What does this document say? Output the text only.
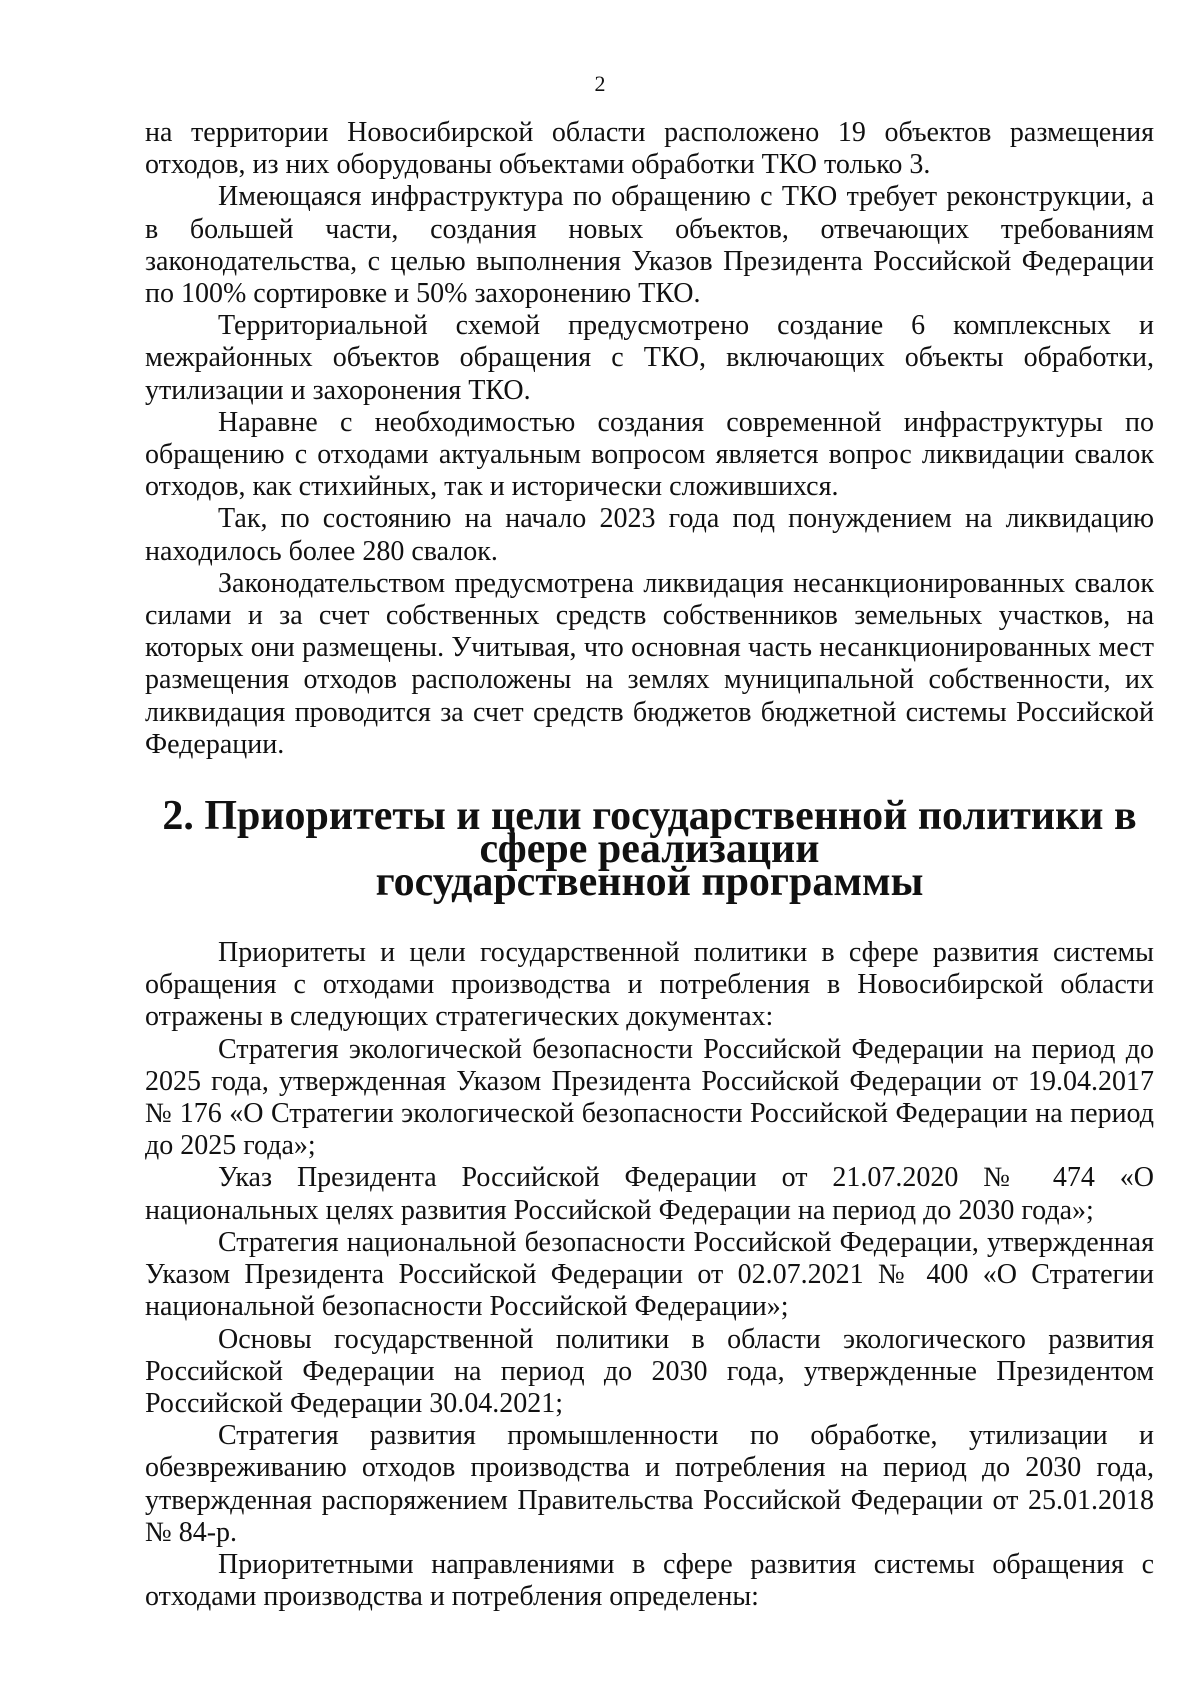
2

на территории Новосибирской области расположено 19 объектов размещения отходов, из них оборудованы объектами обработки ТКО только 3.

Имеющаяся инфраструктура по обращению с ТКО требует реконструкции, а в большей части, создания новых объектов, отвечающих требованиям законодательства, с целью выполнения Указов Президента Российской Федерации по 100% сортировке и 50% захоронению ТКО.

Территориальной схемой предусмотрено создание 6 комплексных и межрайонных объектов обращения с ТКО, включающих объекты обработки, утилизации и захоронения ТКО.

Наравне с необходимостью создания современной инфраструктуры по обращению с отходами актуальным вопросом является вопрос ликвидации свалок отходов, как стихийных, так и исторически сложившихся.

Так, по состоянию на начало 2023 года под понуждением на ликвидацию находилось более 280 свалок.

Законодательством предусмотрена ликвидация несанкционированных свалок силами и за счет собственных средств собственников земельных участков, на которых они размещены. Учитывая, что основная часть несанкционированных мест размещения отходов расположены на землях муниципальной собственности, их ликвидация проводится за счет средств бюджетов бюджетной системы Российской Федерации.

2. Приоритеты и цели государственной политики в сфере реализации
государственной программы

Приоритеты и цели государственной политики в сфере развития системы обращения с отходами производства и потребления в Новосибирской области отражены в следующих стратегических документах:

Стратегия экологической безопасности Российской Федерации на период до 2025 года, утвержденная Указом Президента Российской Федерации от 19.04.2017 № 176 «О Стратегии экологической безопасности Российской Федерации на период до 2025 года»;

Указ Президента Российской Федерации от 21.07.2020 № 474 «О национальных целях развития Российской Федерации на период до 2030 года»;

Стратегия национальной безопасности Российской Федерации, утвержденная Указом Президента Российской Федерации от 02.07.2021 № 400 «О Стратегии национальной безопасности Российской Федерации»;

Основы государственной политики в области экологического развития Российской Федерации на период до 2030 года, утвержденные Президентом Российской Федерации 30.04.2021;

Стратегия развития промышленности по обработке, утилизации и обезвреживанию отходов производства и потребления на период до 2030 года, утвержденная распоряжением Правительства Российской Федерации от 25.01.2018 № 84-р.

Приоритетными направлениями в сфере развития системы обращения с отходами производства и потребления определены:
